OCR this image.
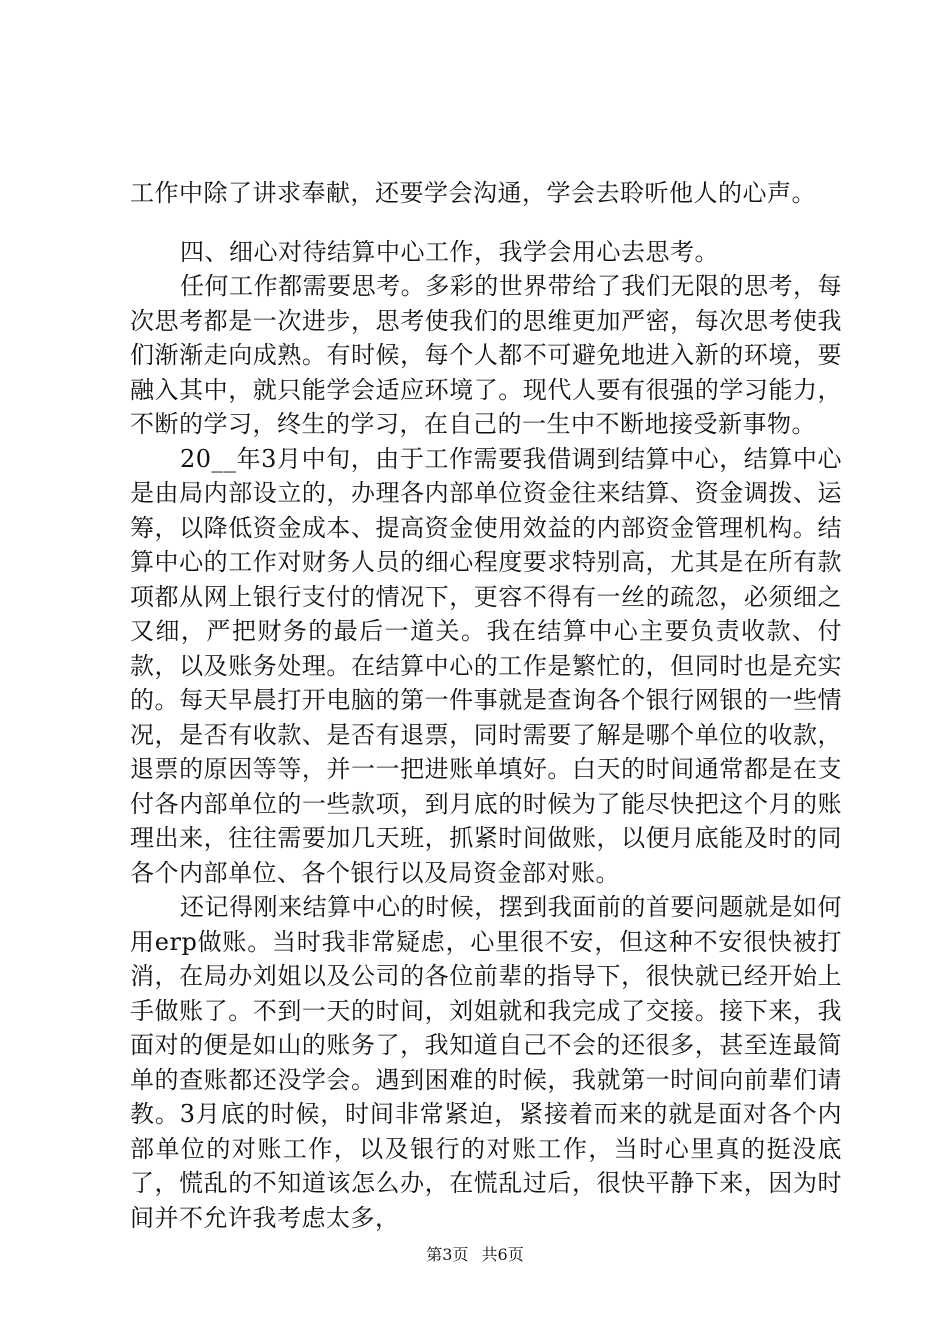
工作中除了讲求奉献，还要学会沟通，学会去聆听他人的心声。

四、细心对待结算中心工作，我学会用心去思考。

任何工作都需要思考。多彩的世界带给了我们无限的思考，每次思考都是一次进步，思考使我们的思维更加严密，每次思考使我们渐渐走向成熟。有时候，每个人都不可避免地进入新的环境，要融入其中，就只能学会适应环境了。现代人要有很强的学习能力，不断的学习，终生的学习，在自己的一生中不断地接受新事物。

20__年3月中旬，由于工作需要我借调到结算中心，结算中心是由局内部设立的，办理各内部单位资金往来结算、资金调拨、运筹，以降低资金成本、提高资金使用效益的内部资金管理机构。结算中心的工作对财务人员的细心程度要求特别高，尤其是在所有款项都从网上银行支付的情况下，更容不得有一丝的疏忽，必须细之又细，严把财务的最后一道关。我在结算中心主要负责收款、付款，以及账务处理。在结算中心的工作是繁忙的，但同时也是充实的。每天早晨打开电脑的第一件事就是查询各个银行网银的一些情况，是否有收款、是否有退票，同时需要了解是哪个单位的收款，退票的原因等等，并一一把进账单填好。白天的时间通常都是在支付各内部单位的一些款项，到月底的时候为了能尽快把这个月的账理出来，往往需要加几天班，抓紧时间做账，以便月底能及时的同各个内部单位、各个银行以及局资金部对账。

还记得刚来结算中心的时候，摆到我面前的首要问题就是如何用erp做账。当时我非常疑虑，心里很不安，但这种不安很快被打消，在局办刘姐以及公司的各位前辈的指导下，很快就已经开始上手做账了。不到一天的时间，刘姐就和我完成了交接。接下来，我面对的便是如山的账务了，我知道自己不会的还很多，甚至连最简单的查账都还没学会。遇到困难的时候，我就第一时间向前辈们请教。3月底的时候，时间非常紧迫，紧接着而来的就是面对各个内部单位的对账工作，以及银行的对账工作，当时心里真的挺没底了，慌乱的不知道该怎么办，在慌乱过后，很快平静下来，因为时间并不允许我考虑太多，

第3页 共6页
